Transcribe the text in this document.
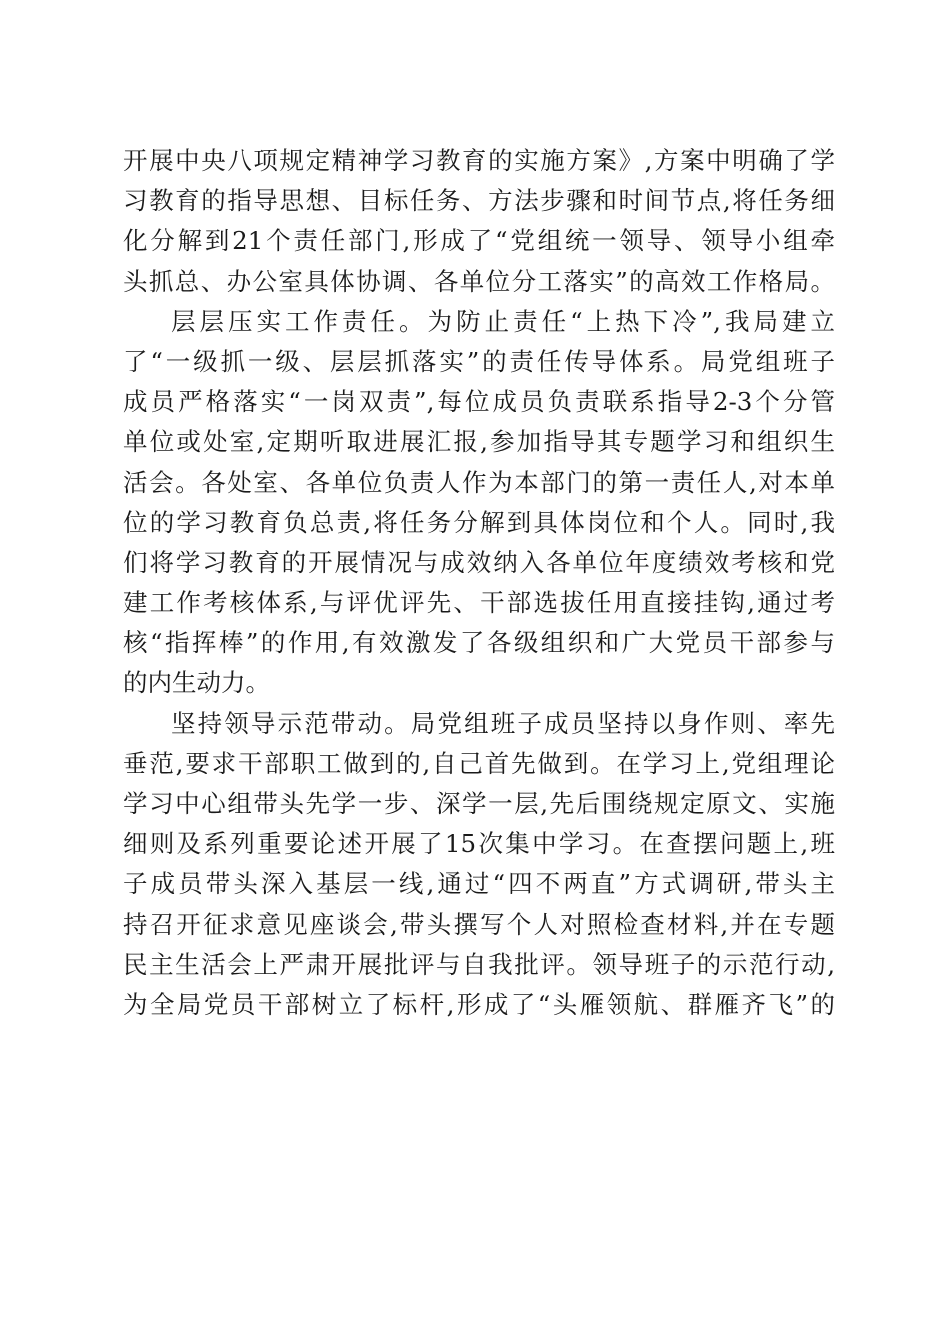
开展中央八项规定精神学习教育的实施方案》,方案中明确了学
习教育的指导思想、目标任务、方法步骤和时间节点,将任务细
化分解到21个责任部门,形成了“党组统一领导、领导小组牵
头抓总、办公室具体协调、各单位分工落实”的高效工作格局。
层层压实工作责任。为防止责任“上热下冷”,我局建立
了“一级抓一级、层层抓落实”的责任传导体系。局党组班子
成员严格落实“一岗双责”,每位成员负责联系指导2-3个分管
单位或处室,定期听取进展汇报,参加指导其专题学习和组织生
活会。各处室、各单位负责人作为本部门的第一责任人,对本单
位的学习教育负总责,将任务分解到具体岗位和个人。同时,我
们将学习教育的开展情况与成效纳入各单位年度绩效考核和党
建工作考核体系,与评优评先、干部选拔任用直接挂钩,通过考
核“指挥棒”的作用,有效激发了各级组织和广大党员干部参与
的内生动力。
坚持领导示范带动。局党组班子成员坚持以身作则、率先
垂范,要求干部职工做到的,自己首先做到。在学习上,党组理论
学习中心组带头先学一步、深学一层,先后围绕规定原文、实施
细则及系列重要论述开展了15次集中学习。在查摆问题上,班
子成员带头深入基层一线,通过“四不两直”方式调研,带头主
持召开征求意见座谈会,带头撰写个人对照检查材料,并在专题
民主生活会上严肃开展批评与自我批评。领导班子的示范行动,
为全局党员干部树立了标杆,形成了“头雁领航、群雁齐飞”的
